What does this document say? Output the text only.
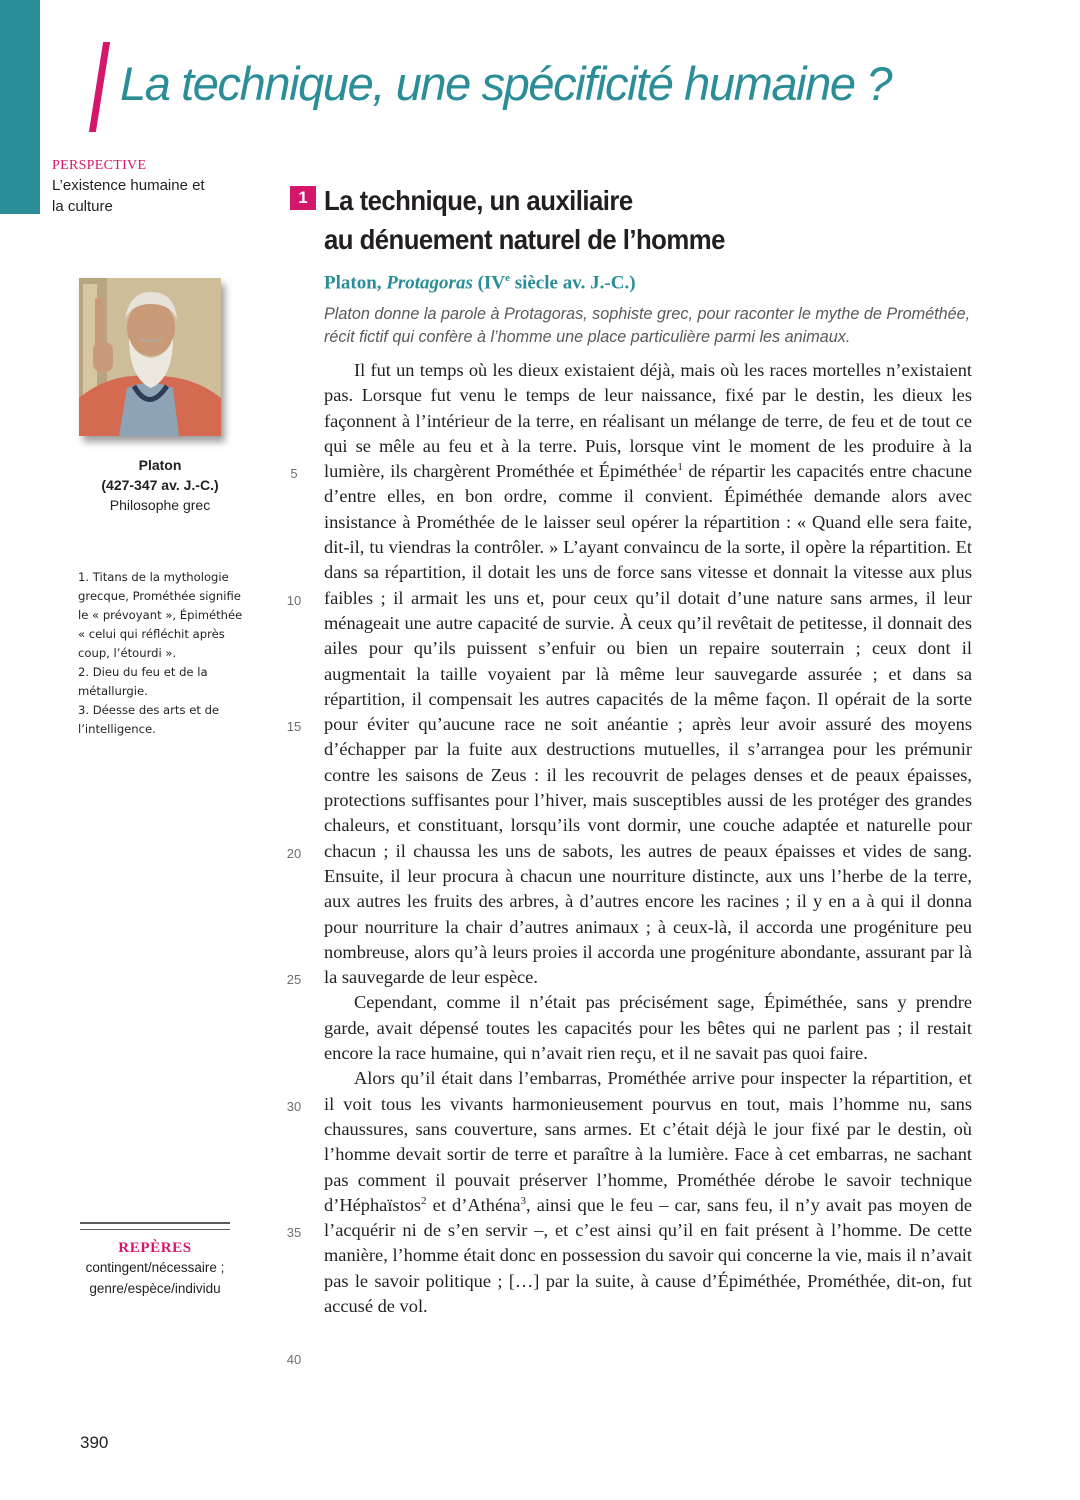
La technique, une spécificité humaine ?
PERSPECTIVE
L’existence humaine et la culture
Platon
(427-347 av. J.-C.)
Philosophe grec
1. Titans de la mythologie grecque, Prométhée signifie le « prévoyant », Épiméthée « celui qui réfléchit après coup, l’étourdi ».
2. Dieu du feu et de la métallurgie.
3. Déesse des arts et de l’intelligence.
REPÈRES
contingent/nécessaire ;
genre/espèce/individu
390
1 La technique, un auxiliaire
au dénuement naturel de l’homme
Platon, Protagoras (IVe siècle av. J.-C.)
Platon donne la parole à Protagoras, sophiste grec, pour raconter le mythe de Prométhée, récit fictif qui confère à l’homme une place particulière parmi les animaux.
5
10
15
20
25
30
35
40

Il fut un temps où les dieux existaient déjà, mais où les races mortelles n’existaient pas. Lorsque fut venu le temps de leur naissance, fixé par le destin, les dieux les façonnent à l’intérieur de la terre, en réalisant un mélange de terre, de feu et de tout ce qui se mêle au feu et à la terre. Puis, lorsque vint le moment de les produire à la lumière, ils chargèrent Prométhée et Épiméthée$^1$ de répartir les capacités entre chacune d’entre elles, en bon ordre, comme il convient. Épiméthée demande alors avec insistance à Prométhée de le laisser seul opérer la répartition : « Quand elle sera faite, dit-il, tu viendras la contrôler. » L’ayant convaincu de la sorte, il opère la répartition. Et dans sa répartition, il dotait les uns de force sans vitesse et donnait la vitesse aux plus faibles ; il armait les uns et, pour ceux qu’il dotait d’une nature sans armes, il leur ménageait une autre capacité de survie. À ceux qu’il revêtait de petitesse, il donnait des ailes pour qu’ils puissent s’enfuir ou bien un repaire souterrain ; ceux dont il augmentait la taille voyaient par là même leur sauvegarde assurée ; et dans sa répartition, il compensait les autres capacités de la même façon. Il opérait de la sorte pour éviter qu’aucune race ne soit anéantie ; après leur avoir assuré des moyens d’échapper par la fuite aux destructions mutuelles, il s’arrangea pour les prémunir contre les saisons de Zeus : il les recouvrit de pelages denses et de peaux épaisses, protections suffisantes pour l’hiver, mais susceptibles aussi de les protéger des grandes chaleurs, et constituant, lorsqu’ils vont dormir, une couche adaptée et naturelle pour chacun ; il chaussa les uns de sabots, les autres de peaux épaisses et vides de sang. Ensuite, il leur procura à chacun une nourriture distincte, aux uns l’herbe de la terre, aux autres les fruits des arbres, à d’autres encore les racines ; il y en a à qui il donna pour nourriture la chair d’autres animaux ; à ceux-là, il accorda une progéniture peu nombreuse, alors qu’à leurs proies il accorda une progéniture abondante, assurant par là la sauvegarde de leur espèce.

Cependant, comme il n’était pas précisément sage, Épiméthée, sans y prendre garde, avait dépensé toutes les capacités pour les bêtes qui ne parlent pas ; il restait encore la race humaine, qui n’avait rien reçu, et il ne savait pas quoi faire.

Alors qu’il était dans l’embarras, Prométhée arrive pour inspecter la répartition, et il voit tous les vivants harmonieusement pourvus en tout, mais l’homme nu, sans chaussures, sans couverture, sans armes. Et c’était déjà le jour fixé par le destin, où l’homme devait sortir de terre et paraître à la lumière. Face à cet embarras, ne sachant pas comment il pouvait préserver l’homme, Prométhée dérobe le savoir technique d’Héphaïstos$^2$ et d’Athéna$^3$, ainsi que le feu – car, sans feu, il n’y avait pas moyen de l’acquérir ni de s’en servir –, et c’est ainsi qu’il en fait présent à l’homme. De cette manière, l’homme était donc en possession du savoir qui concerne la vie, mais il n’avait pas le savoir politique ; […] par la suite, à cause d’Épiméthée, Prométhée, dit-on, fut accusé de vol.
